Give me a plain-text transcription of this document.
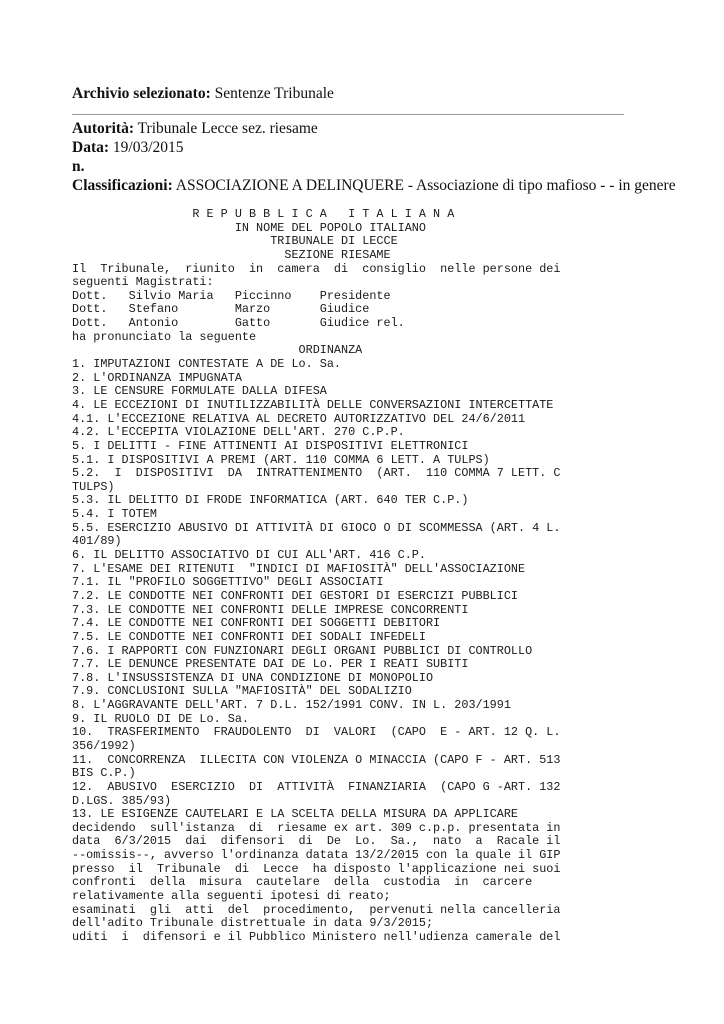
Archivio selezionato: Sentenze Tribunale

Autorità: Tribunale Lecce sez. riesame

Data: 19/03/2015

n.

Classificazioni: ASSOCIAZIONE A DELINQUERE - Associazione di tipo mafioso - - in genere

R E P U B B L I C A   I T A L I A N A
IN NOME DEL POPOLO ITALIANO
TRIBUNALE DI LECCE
SEZIONE RIESAME
Il  Tribunale,  riunito  in  camera  di  consiglio  nelle persone dei
seguenti Magistrati:
Dott.   Silvio Maria   Piccinno    Presidente
Dott.   Stefano        Marzo       Giudice
Dott.   Antonio        Gatto       Giudice rel.
ha pronunciato la seguente
ORDINANZA
1. IMPUTAZIONI CONTESTATE A DE Lo. Sa.
2. L'ORDINANZA IMPUGNATA
3. LE CENSURE FORMULATE DALLA DIFESA
4. LE ECCEZIONI DI INUTILIZZABILITÀ DELLE CONVERSAZIONI INTERCETTATE
4.1. L'ECCEZIONE RELATIVA AL DECRETO AUTORIZZATIVO DEL 24/6/2011
4.2. L'ECCEPITA VIOLAZIONE DELL'ART. 270 C.P.P.
5. I DELITTI - FINE ATTINENTI AI DISPOSITIVI ELETTRONICI
5.1. I DISPOSITIVI A PREMI (ART. 110 COMMA 6 LETT. A TULPS)
5.2.  I  DISPOSITIVI  DA  INTRATTENIMENTO  (ART.  110 COMMA 7 LETT. C
TULPS)
5.3. IL DELITTO DI FRODE INFORMATICA (ART. 640 TER C.P.)
5.4. I TOTEM
5.5. ESERCIZIO ABUSIVO DI ATTIVITÀ DI GIOCO O DI SCOMMESSA (ART. 4 L.
401/89)
6. IL DELITTO ASSOCIATIVO DI CUI ALL'ART. 416 C.P.
7. L'ESAME DEI RITENUTI  "INDICI DI MAFIOSITÀ" DELL'ASSOCIAZIONE
7.1. IL "PROFILO SOGGETTIVO" DEGLI ASSOCIATI
7.2. LE CONDOTTE NEI CONFRONTI DEI GESTORI DI ESERCIZI PUBBLICI
7.3. LE CONDOTTE NEI CONFRONTI DELLE IMPRESE CONCORRENTI
7.4. LE CONDOTTE NEI CONFRONTI DEI SOGGETTI DEBITORI
7.5. LE CONDOTTE NEI CONFRONTI DEI SODALI INFEDELI
7.6. I RAPPORTI CON FUNZIONARI DEGLI ORGANI PUBBLICI DI CONTROLLO
7.7. LE DENUNCE PRESENTATE DAI DE Lo. PER I REATI SUBITI
7.8. L'INSUSSISTENZA DI UNA CONDIZIONE DI MONOPOLIO
7.9. CONCLUSIONI SULLA "MAFIOSITÀ" DEL SODALIZIO
8. L'AGGRAVANTE DELL'ART. 7 D.L. 152/1991 CONV. IN L. 203/1991
9. IL RUOLO DI DE Lo. Sa.
10.  TRASFERIMENTO  FRAUDOLENTO  DI  VALORI  (CAPO  E - ART. 12 Q. L.
356/1992)
11.  CONCORRENZA  ILLECITA CON VIOLENZA O MINACCIA (CAPO F - ART. 513
BIS C.P.)
12.  ABUSIVO  ESERCIZIO  DI  ATTIVITÀ  FINANZIARIA  (CAPO G -ART. 132
D.LGS. 385/93)
13. LE ESIGENZE CAUTELARI E LA SCELTA DELLA MISURA DA APPLICARE
decidendo  sull'istanza  di  riesame ex art. 309 c.p.p. presentata in
data  6/3/2015  dai  difensori  di  De  Lo.  Sa.,  nato  a  Racale il
--omissis--, avverso l'ordinanza datata 13/2/2015 con la quale il GIP
presso  il  Tribunale  di  Lecce  ha disposto l'applicazione nei suoi
confronti  della  misura  cautelare  della  custodia  in  carcere
relativamente alla seguenti ipotesi di reato;
esaminati  gli  atti  del  procedimento,  pervenuti nella cancelleria
dell'adito Tribunale distrettuale in data 9/3/2015;
uditi  i  difensori e il Pubblico Ministero nell'udienza camerale del
